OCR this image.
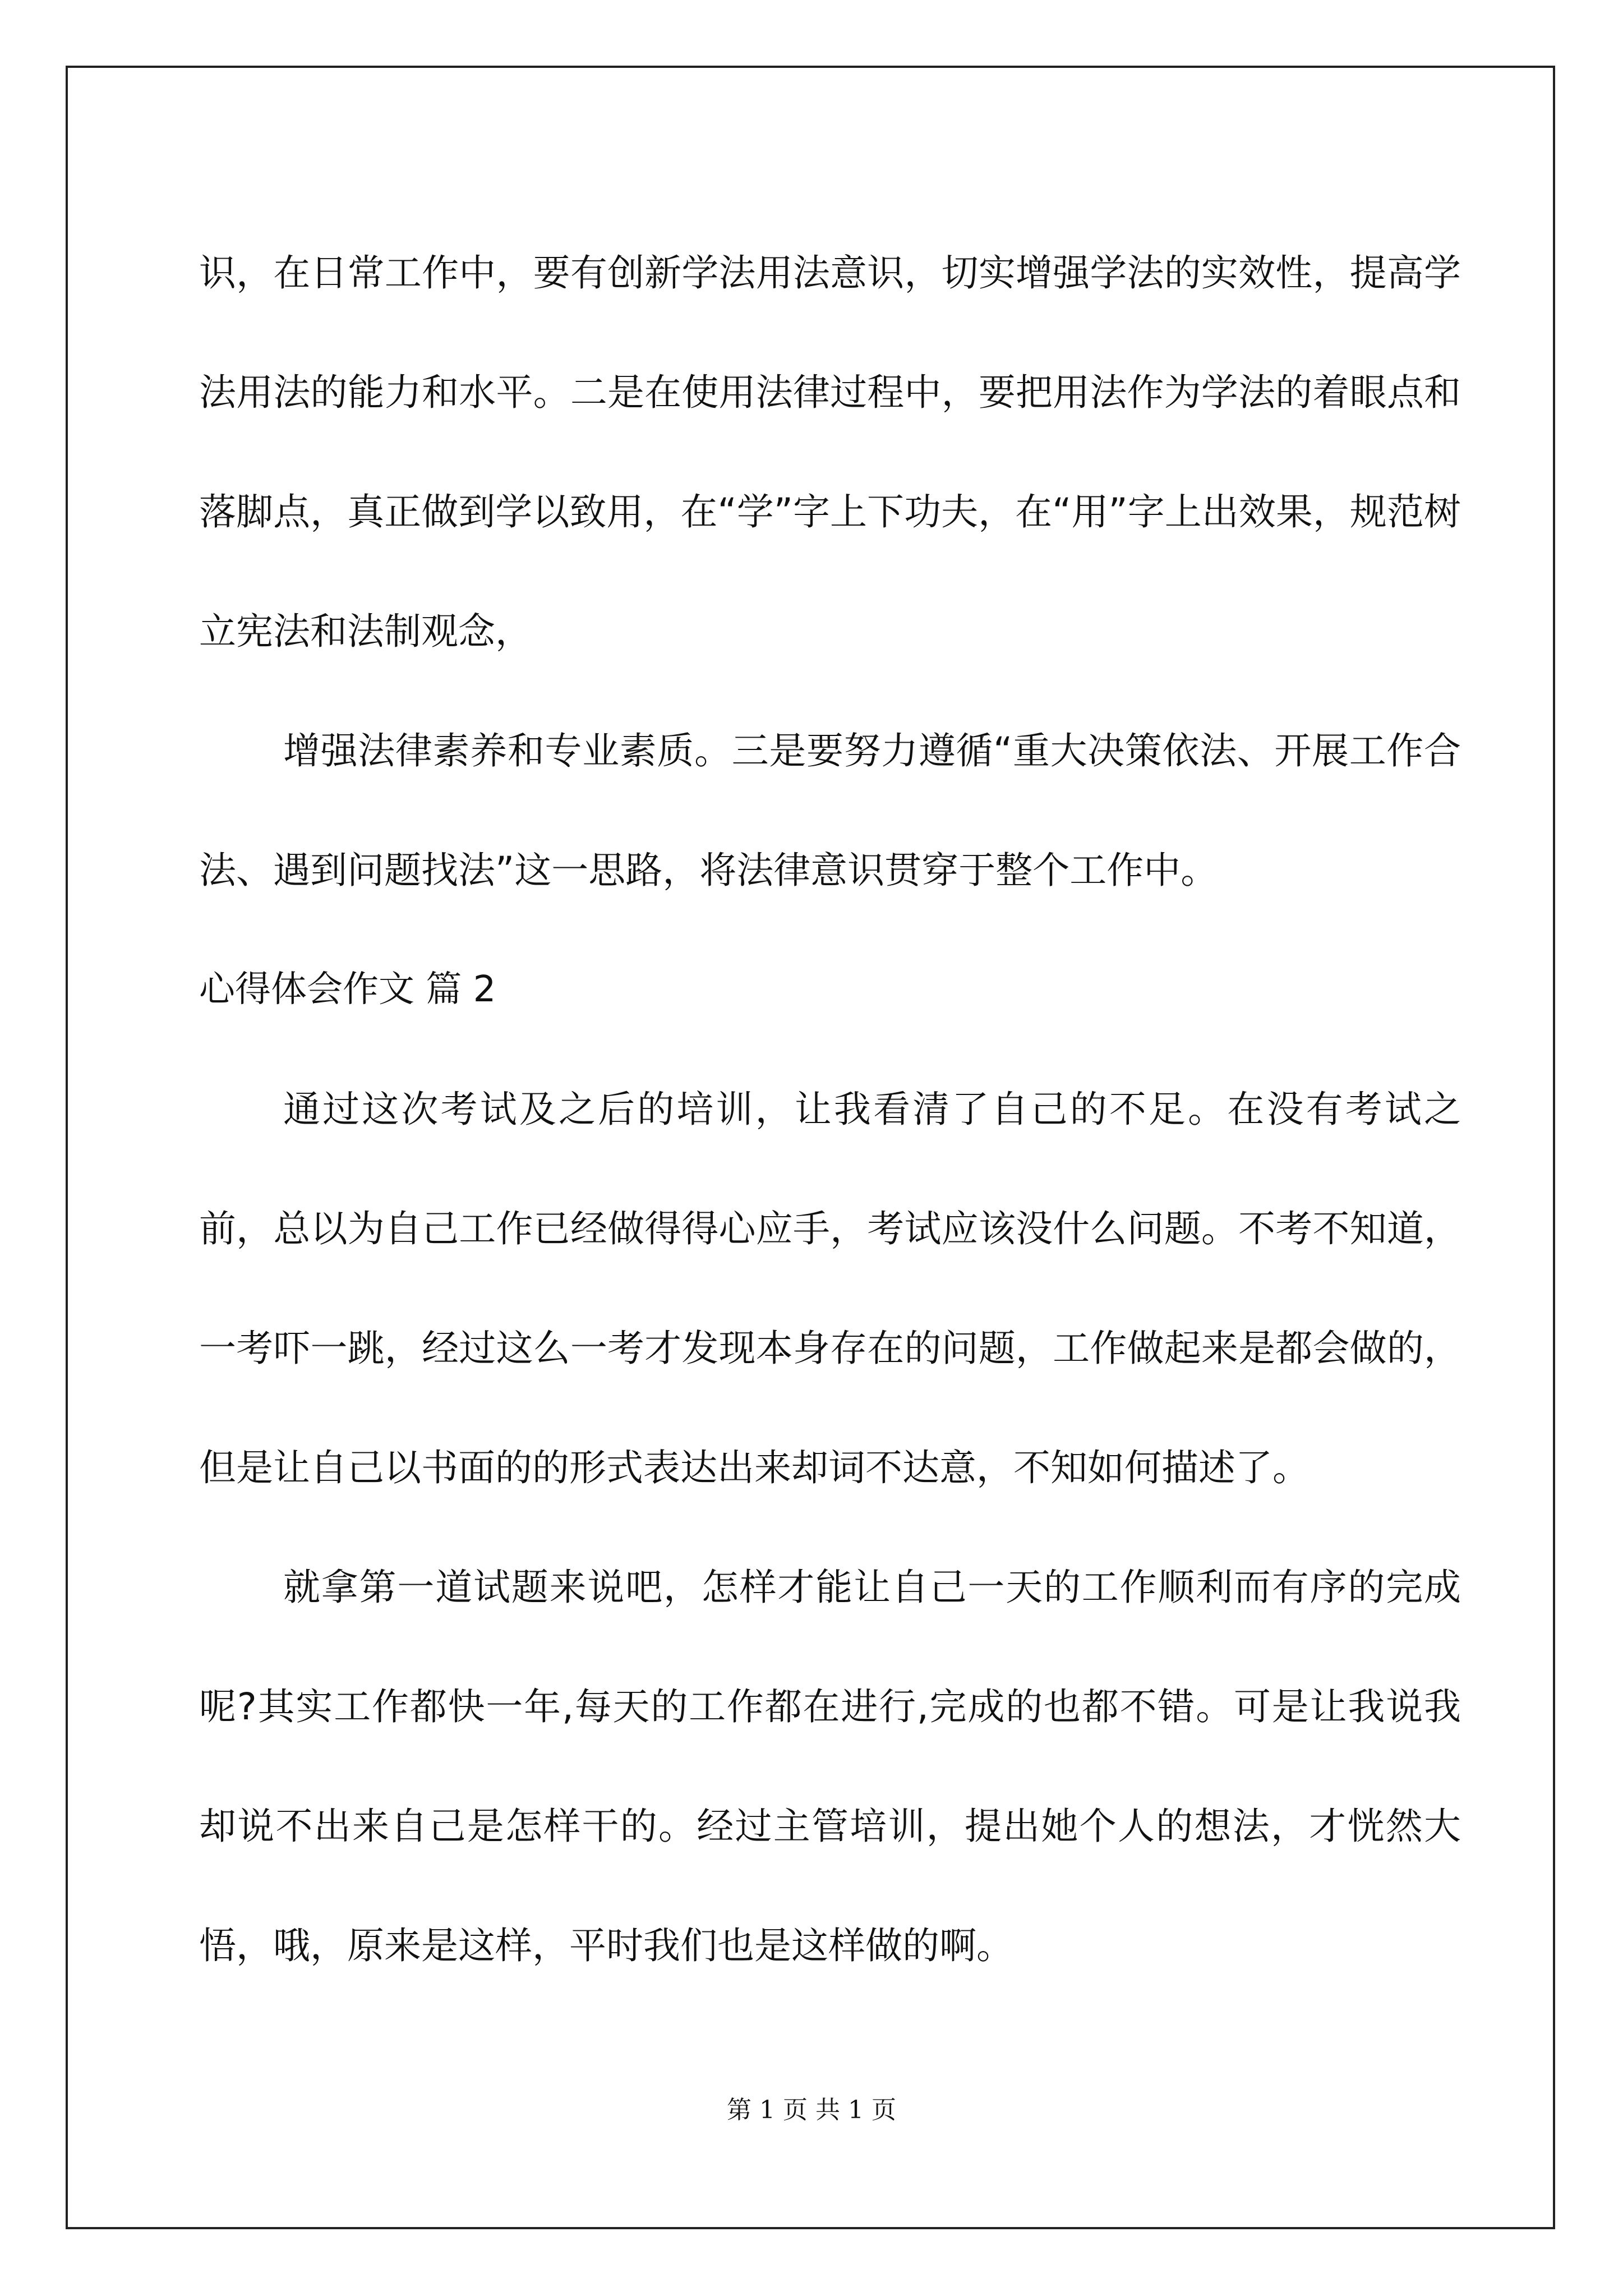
识，在日常工作中，要有创新学法用法意识，切实增强学法的实效性，提高学法用法的能力和水平。二是在使用法律过程中，要把用法作为学法的着眼点和落脚点，真正做到学以致用，在“学”字上下功夫，在“用”字上出效果，规范树立宪法和法制观念，

增强法律素养和专业素质。三是要努力遵循“重大决策依法、开展工作合法、遇到问题找法”这一思路，将法律意识贯穿于整个工作中。

心得体会作文 篇 2

通过这次考试及之后的培训，让我看清了自己的不足。在没有考试之前，总以为自己工作已经做得得心应手，考试应该没什么问题。不考不知道，一考吓一跳，经过这么一考才发现本身存在的问题，工作做起来是都会做的，但是让自己以书面的的形式表达出来却词不达意，不知如何描述了。

就拿第一道试题来说吧，怎样才能让自己一天的工作顺利而有序的完成呢?其实工作都快一年,每天的工作都在进行,完成的也都不错。可是让我说我却说不出来自己是怎样干的。经过主管培训，提出她个人的想法，才恍然大悟，哦，原来是这样，平时我们也是这样做的啊。

第 1 页 共 1 页
